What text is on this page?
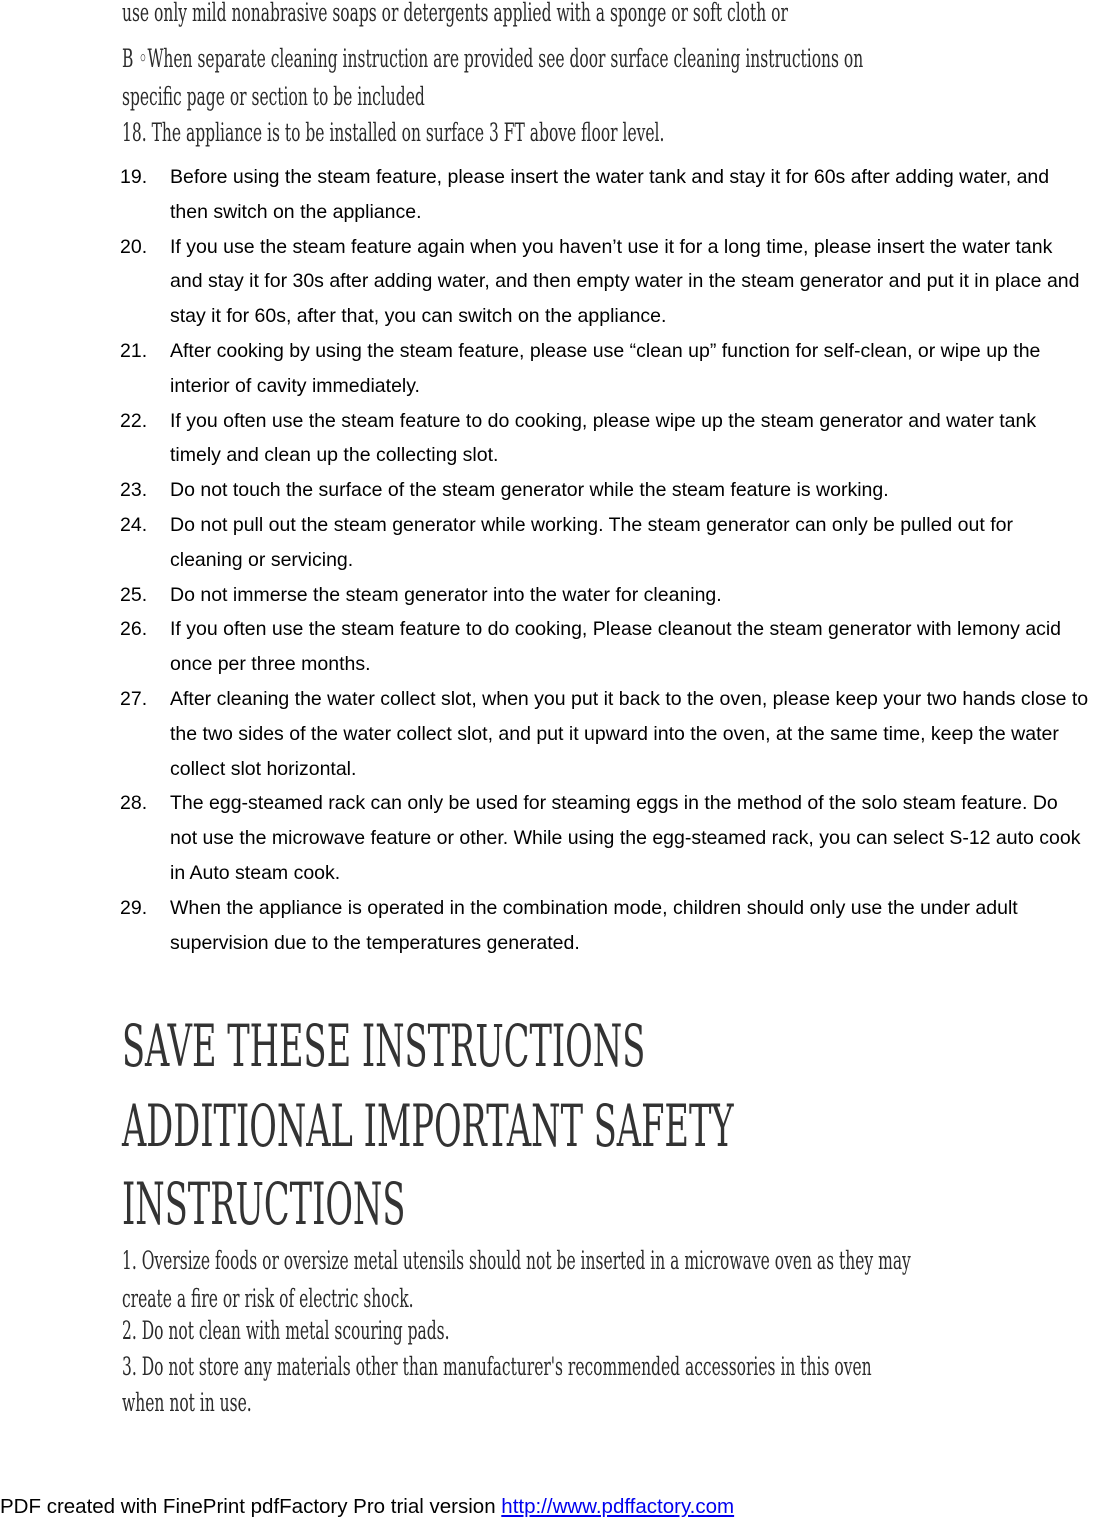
use only mild nonabrasive soaps or detergents applied with a sponge or soft cloth or

B ◦When separate cleaning instruction are provided see door surface cleaning instructions on

specific page or section to be included

18. The appliance is to be installed on surface 3 FT above floor level.

19.	Before using the steam feature, please insert the water tank and stay it for 60s after adding water, and then switch on the appliance.
20.	If you use the steam feature again when you haven’t use it for a long time, please insert the water tank and stay it for 30s after adding water, and then empty water in the steam generator and put it in place and stay it for 60s, after that, you can switch on the appliance.
21.	After cooking by using the steam feature, please use “clean up” function for self-clean, or wipe up the interior of cavity immediately.
22.	If you often use the steam feature to do cooking, please wipe up the steam generator and water tank timely and clean up the collecting slot.
23.	Do not touch the surface of the steam generator while the steam feature is working.
24.	Do not pull out the steam generator while working. The steam generator can only be pulled out for cleaning or servicing.
25.	Do not immerse the steam generator into the water for cleaning.
26.	If you often use the steam feature to do cooking, Please cleanout the steam generator with lemony acid once per three months.
27.	After cleaning the water collect slot, when you put it back to the oven, please keep your two hands close to the two sides of the water collect slot, and put it upward into the oven, at the same time, keep the water collect slot horizontal.
28.	The egg-steamed rack can only be used for steaming eggs in the method of the solo steam feature. Do not use the microwave feature or other. While using the egg-steamed rack, you can select S-12 auto cook in Auto steam cook.
29.	When the appliance is operated in the combination mode, children should only use the under adult supervision due to the temperatures generated.

SAVE THESE INSTRUCTIONS

ADDITIONAL IMPORTANT SAFETY

INSTRUCTIONS

1. Oversize foods or oversize metal utensils should not be inserted in a microwave oven as they may

create a fire or risk of electric shock.

2. Do not clean with metal scouring pads.

3. Do not store any materials other than manufacturer's recommended accessories in this oven

when not in use.

PDF created with FinePrint pdfFactory Pro trial version http://www.pdffactory.com
